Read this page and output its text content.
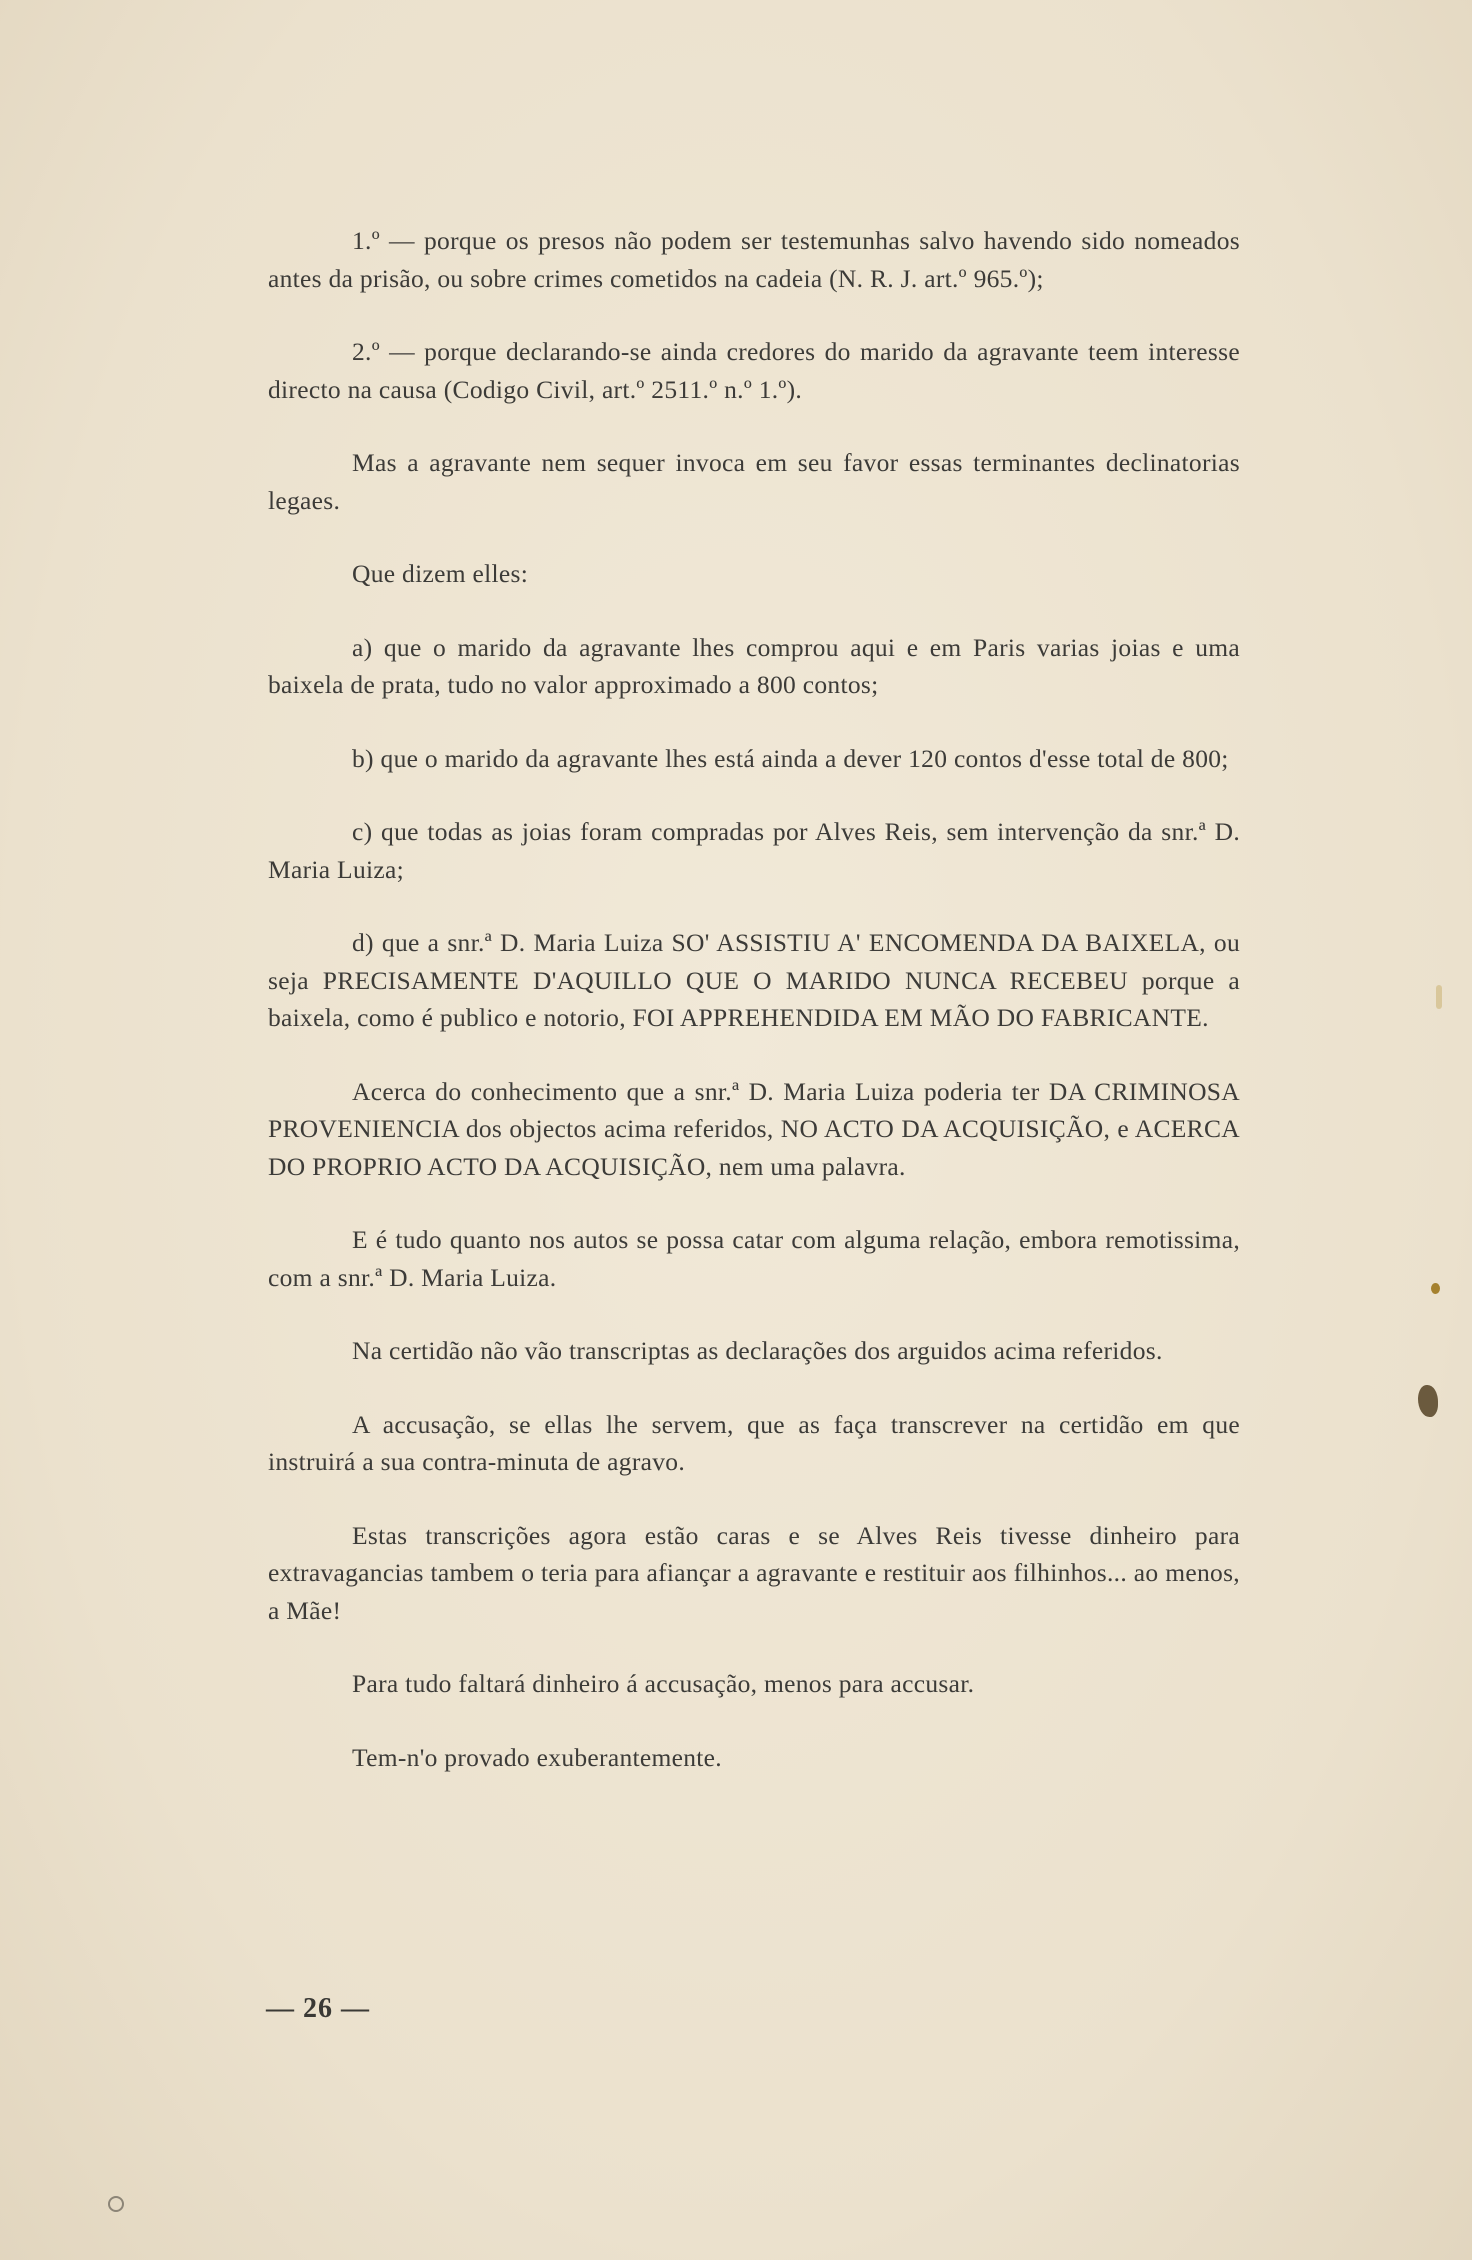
1.º — porque os presos não podem ser testemunhas salvo havendo sido nomeados antes da prisão, ou sobre crimes cometidos na cadeia (N. R. J. art.º 965.º);

2.º — porque declarando-se ainda credores do marido da agravante teem interesse directo na causa (Codigo Civil, art.º 2511.º n.º 1.º).

Mas a agravante nem sequer invoca em seu favor essas terminantes declinatorias legaes.

Que dizem elles:

a) que o marido da agravante lhes comprou aqui e em Paris varias joias e uma baixela de prata, tudo no valor approximado a 800 contos;

b) que o marido da agravante lhes está ainda a dever 120 contos d'esse total de 800;

c) que todas as joias foram compradas por Alves Reis, sem intervenção da snr.ª D. Maria Luiza;

d) que a snr.ª D. Maria Luiza SO' ASSISTIU A' ENCOMENDA DA BAIXELA, ou seja PRECISAMENTE D'AQUILLO QUE O MARIDO NUNCA RECEBEU porque a baixela, como é publico e notorio, FOI APPREHENDIDA EM MÃO DO FABRICANTE.

Acerca do conhecimento que a snr.ª D. Maria Luiza poderia ter DA CRIMINOSA PROVENIENCIA dos objectos acima referidos, NO ACTO DA ACQUISIÇÃO, e ACERCA DO PROPRIO ACTO DA ACQUISIÇÃO, nem uma palavra.

E é tudo quanto nos autos se possa catar com alguma relação, embora remotissima, com a snr.ª D. Maria Luiza.

Na certidão não vão transcriptas as declarações dos arguidos acima referidos.

A accusação, se ellas lhe servem, que as faça transcrever na certidão em que instruirá a sua contra-minuta de agravo.

Estas transcrições agora estão caras e se Alves Reis tivesse dinheiro para extravagancias tambem o teria para afiançar a agravante e restituir aos filhinhos... ao menos, a Mãe!

Para tudo faltará dinheiro á accusação, menos para accusar.

Tem-n'o provado exuberantemente.

— 26 —
